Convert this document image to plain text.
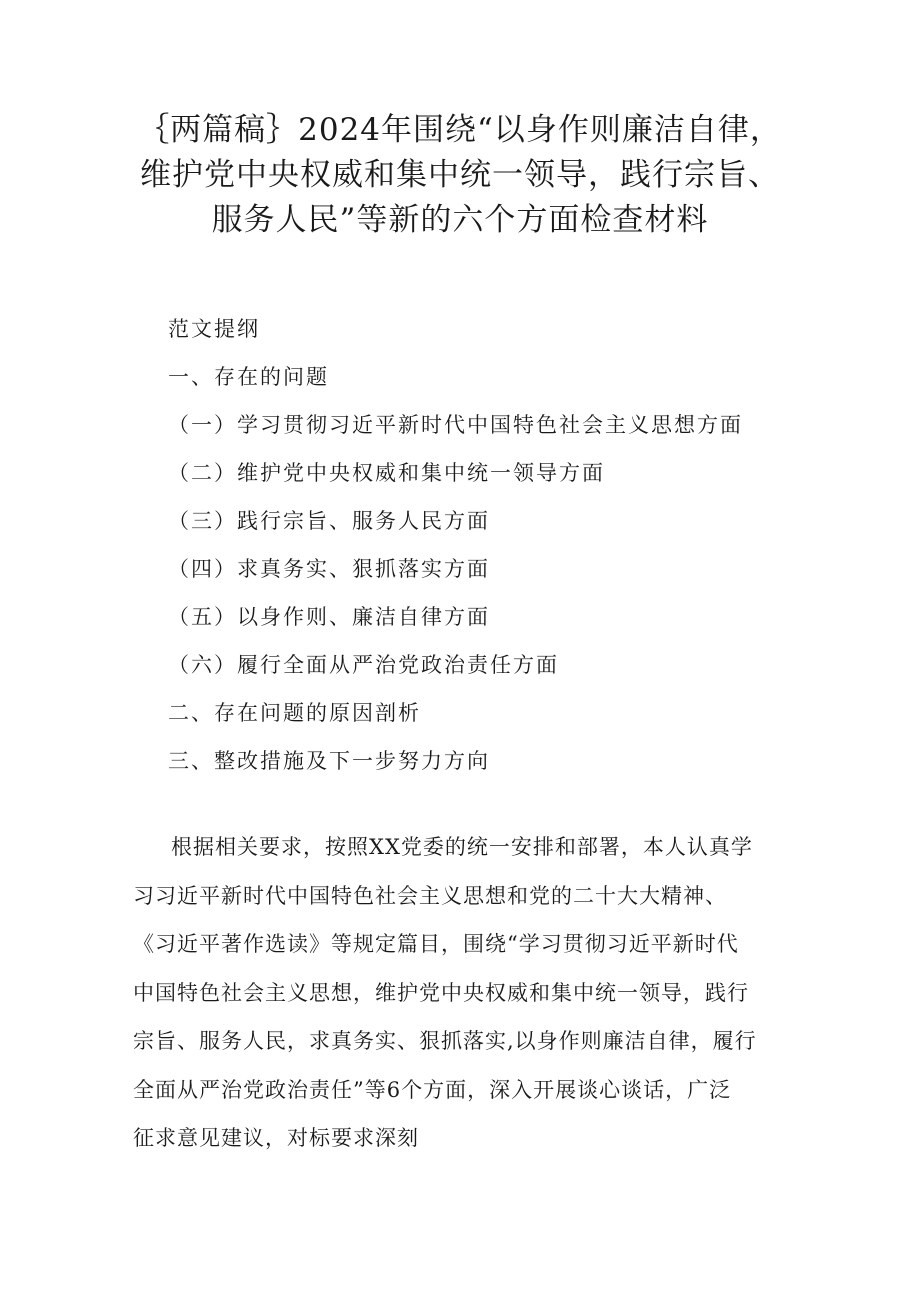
｛两篇稿｝2024年围绕“以身作则廉洁自律，
维护党中央权威和集中统一领导，践行宗旨、
服务人民”等新的六个方面检查材料
范文提纲
一、存在的问题
（一）学习贯彻习近平新时代中国特色社会主义思想方面
（二）维护党中央权威和集中统一领导方面
（三）践行宗旨、服务人民方面
（四）求真务实、狠抓落实方面
（五）以身作则、廉洁自律方面
（六）履行全面从严治党政治责任方面
二、存在问题的原因剖析
三、整改措施及下一步努力方向
根据相关要求，按照XX党委的统一安排和部署，本人认真学
习习近平新时代中国特色社会主义思想和党的二十大大精神、
《习近平著作选读》等规定篇目，围绕“学习贯彻习近平新时代
中国特色社会主义思想，维护党中央权威和集中统一领导，践行
宗旨、服务人民，求真务实、狠抓落实,以身作则廉洁自律，履行
全面从严治党政治责任”等6个方面，深入开展谈心谈话，广泛
征求意见建议，对标要求深刻
